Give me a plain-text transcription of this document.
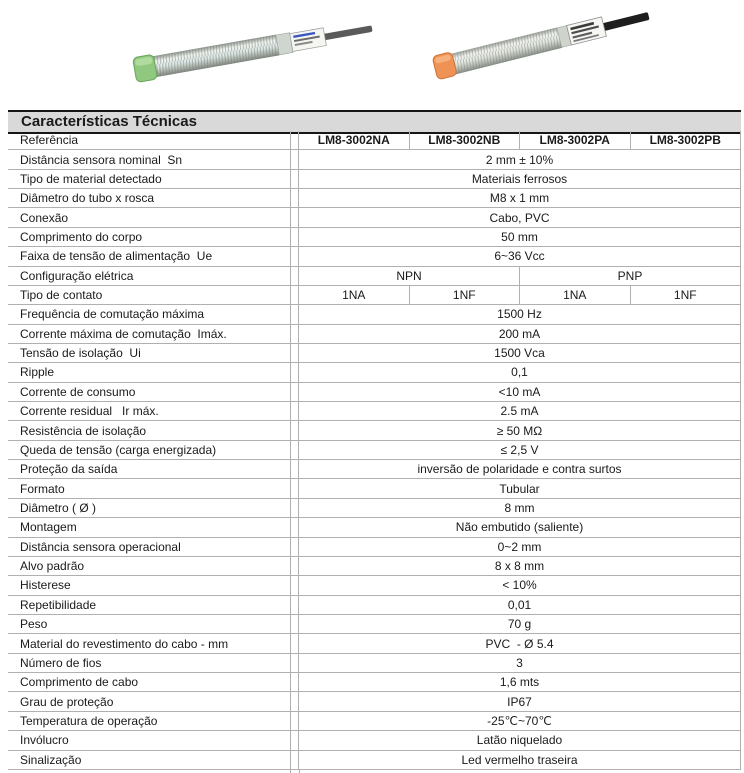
Características Técnicas
Referência	LM8-3002NA	LM8-3002NB	LM8-3002PA	LM8-3002PB
Distância sensora nominal  Sn	2 mm ± 10%
Tipo de material detectado	Materiais ferrosos
Diâmetro do tubo x rosca	M8 x 1 mm
Conexão	Cabo, PVC
Comprimento do corpo	50 mm
Faixa de tensão de alimentação  Ue	6~36 Vcc
Configuração elétrica	NPN	PNP
Tipo de contato	1NA	1NF	1NA	1NF
Frequência de comutação máxima	1500 Hz
Corrente máxima de comutação  Imáx.	200 mA
Tensão de isolação  Ui	1500 Vca
Ripple	0,1
Corrente de consumo	<10 mA
Corrente residual   Ir máx.	2.5 mA
Resistência de isolação	≥ 50 MΩ
Queda de tensão (carga energizada)	≤ 2,5 V
Proteção da saída	inversão de polaridade e contra surtos
Formato	Tubular
Diâmetro ( Ø )	8 mm
Montagem	Não embutido (saliente)
Distância sensora operacional	0~2 mm
Alvo padrão	8 x 8 mm
Histerese	< 10%
Repetibilidade	0,01
Peso	70 g
Material do revestimento do cabo - mm	PVC  - Ø 5.4
Número de fios	3
Comprimento de cabo	1,6 mts
Grau de proteção	IP67
Temperatura de operação	-25℃~70℃
Invólucro	Latão niquelado
Sinalização	Led vermelho traseira
